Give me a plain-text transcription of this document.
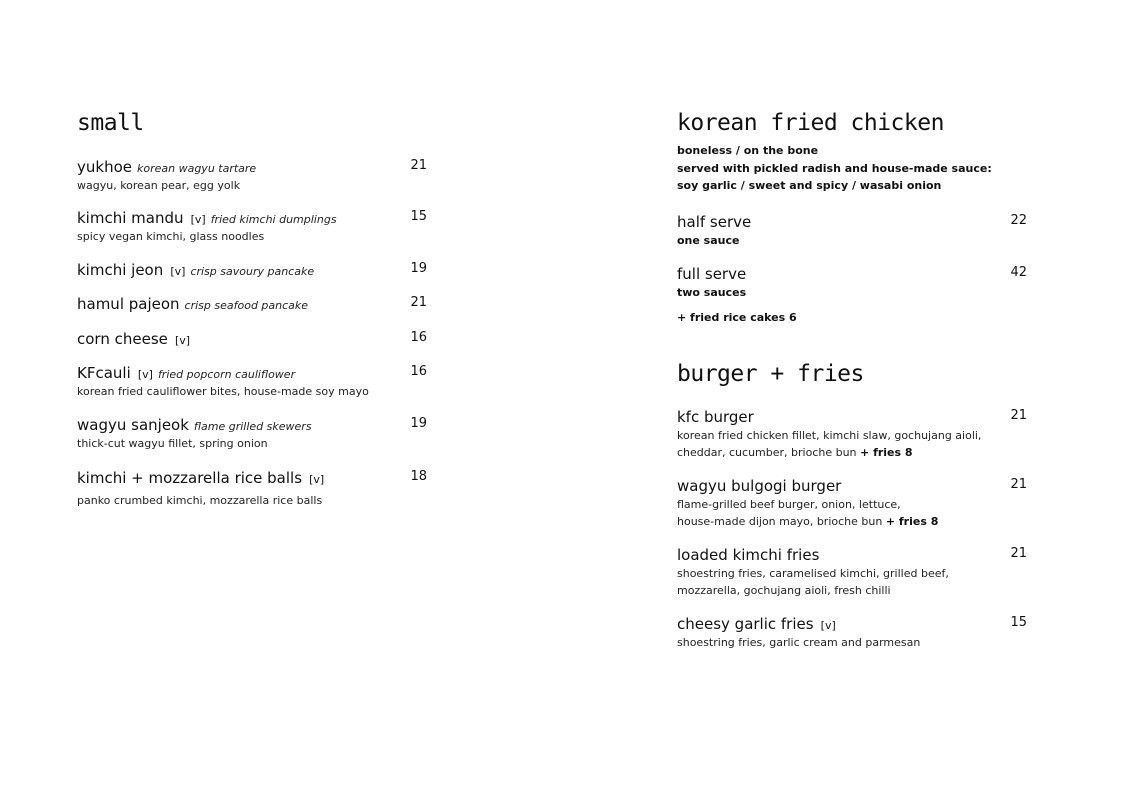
small
yukhoe korean wagyu tartare	21
wagyu, korean pear, egg yolk
kimchi mandu [v] fried kimchi dumplings	15
spicy vegan kimchi, glass noodles
kimchi jeon [v] crisp savoury pancake	19
hamul pajeon crisp seafood pancake	21
corn cheese [v]	16
KFcauli [v] fried popcorn cauliflower	16
korean fried cauliflower bites, house-made soy mayo
wagyu sanjeok flame grilled skewers	19
thick-cut wagyu fillet, spring onion
kimchi + mozzarella rice balls [v]	18
panko crumbed kimchi, mozzarella rice balls
korean fried chicken
boneless / on the bone
served with pickled radish and house-made sauce:
soy garlic / sweet and spicy / wasabi onion
half serve	22
one sauce
full serve	42
two sauces
+ fried rice cakes 6
burger + fries
kfc burger	21
korean fried chicken fillet, kimchi slaw, gochujang aioli,
cheddar, cucumber, brioche bun + fries 8
wagyu bulgogi burger	21
flame-grilled beef burger, onion, lettuce,
house-made dijon mayo, brioche bun + fries 8
loaded kimchi fries	21
shoestring fries, caramelised kimchi, grilled beef,
mozzarella, gochujang aioli, fresh chilli
cheesy garlic fries [v]	15
shoestring fries, garlic cream and parmesan
